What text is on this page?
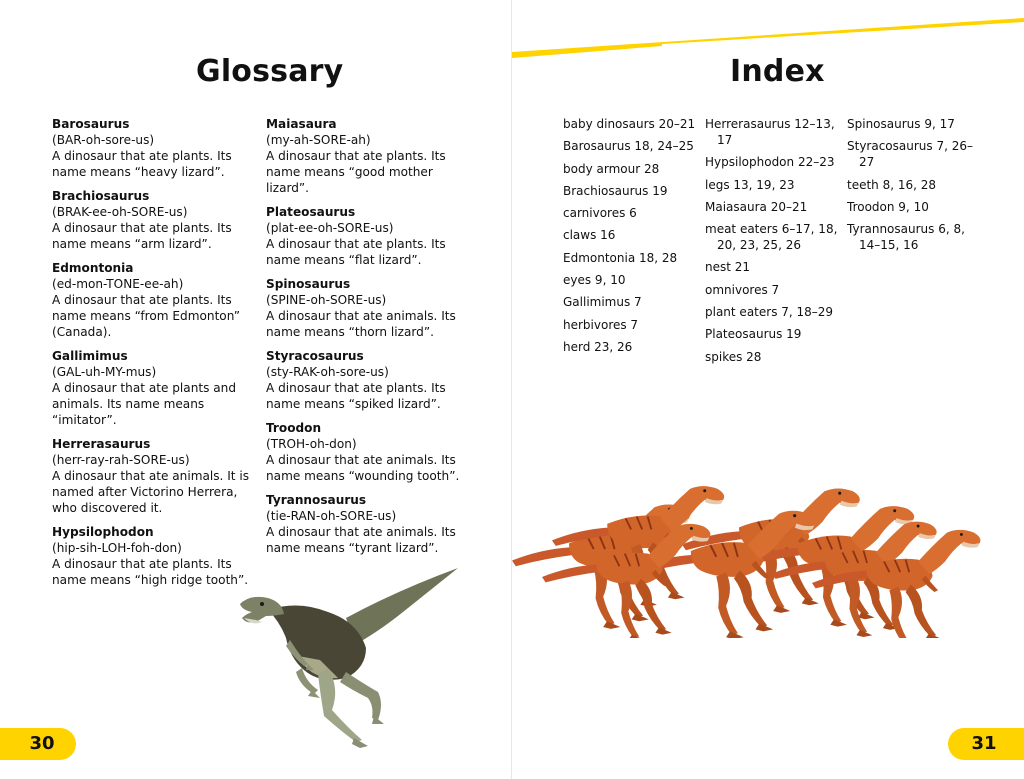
Glossary
Barosaurus
(BAR-oh-sore-us)
A dinosaur that ate plants. Its name means “heavy lizard”.
Brachiosaurus
(BRAK-ee-oh-SORE-us)
A dinosaur that ate plants. Its name means “arm lizard”.
Edmontonia
(ed-mon-TONE-ee-ah)
A dinosaur that ate plants. Its name means “from Edmonton” (Canada).
Gallimimus
(GAL-uh-MY-mus)
A dinosaur that ate plants and animals. Its name means “imitator”.
Herrerasaurus
(herr-ray-rah-SORE-us)
A dinosaur that ate animals. It is named after Victorino Herrera, who discovered it.
Hypsilophodon
(hip-sih-LOH-foh-don)
A dinosaur that ate plants. Its name means “high ridge tooth”.
Maiasaura
(my-ah-SORE-ah)
A dinosaur that ate plants. Its name means “good mother lizard”.
Plateosaurus
(plat-ee-oh-SORE-us)
A dinosaur that ate plants. Its name means “flat lizard”.
Spinosaurus
(SPINE-oh-SORE-us)
A dinosaur that ate animals. Its name means “thorn lizard”.
Styracosaurus
(sty-RAK-oh-sore-us)
A dinosaur that ate plants. Its name means “spiked lizard”.
Troodon
(TROH-oh-don)
A dinosaur that ate animals. Its name means “wounding tooth”.
Tyrannosaurus
(tie-RAN-oh-SORE-us)
A dinosaur that ate animals. Its name means “tyrant lizard”.
30
Index
baby dinosaurs 20–21
Barosaurus 18, 24–25
body armour 28
Brachiosaurus 19
carnivores 6
claws 16
Edmontonia 18, 28
eyes 9, 10
Gallimimus 7
herbivores 7
herd 23, 26
Herrerasaurus 12–13, 17
Hypsilophodon 22–23
legs 13, 19, 23
Maiasaura 20–21
meat eaters 6–17, 18, 20, 23, 25, 26
nest 21
omnivores 7
plant eaters 7, 18–29
Plateosaurus 19
spikes 28
Spinosaurus 9, 17
Styracosaurus 7, 26–27
teeth 8, 16, 28
Troodon 9, 10
Tyrannosaurus 6, 8, 14–15, 16
31
